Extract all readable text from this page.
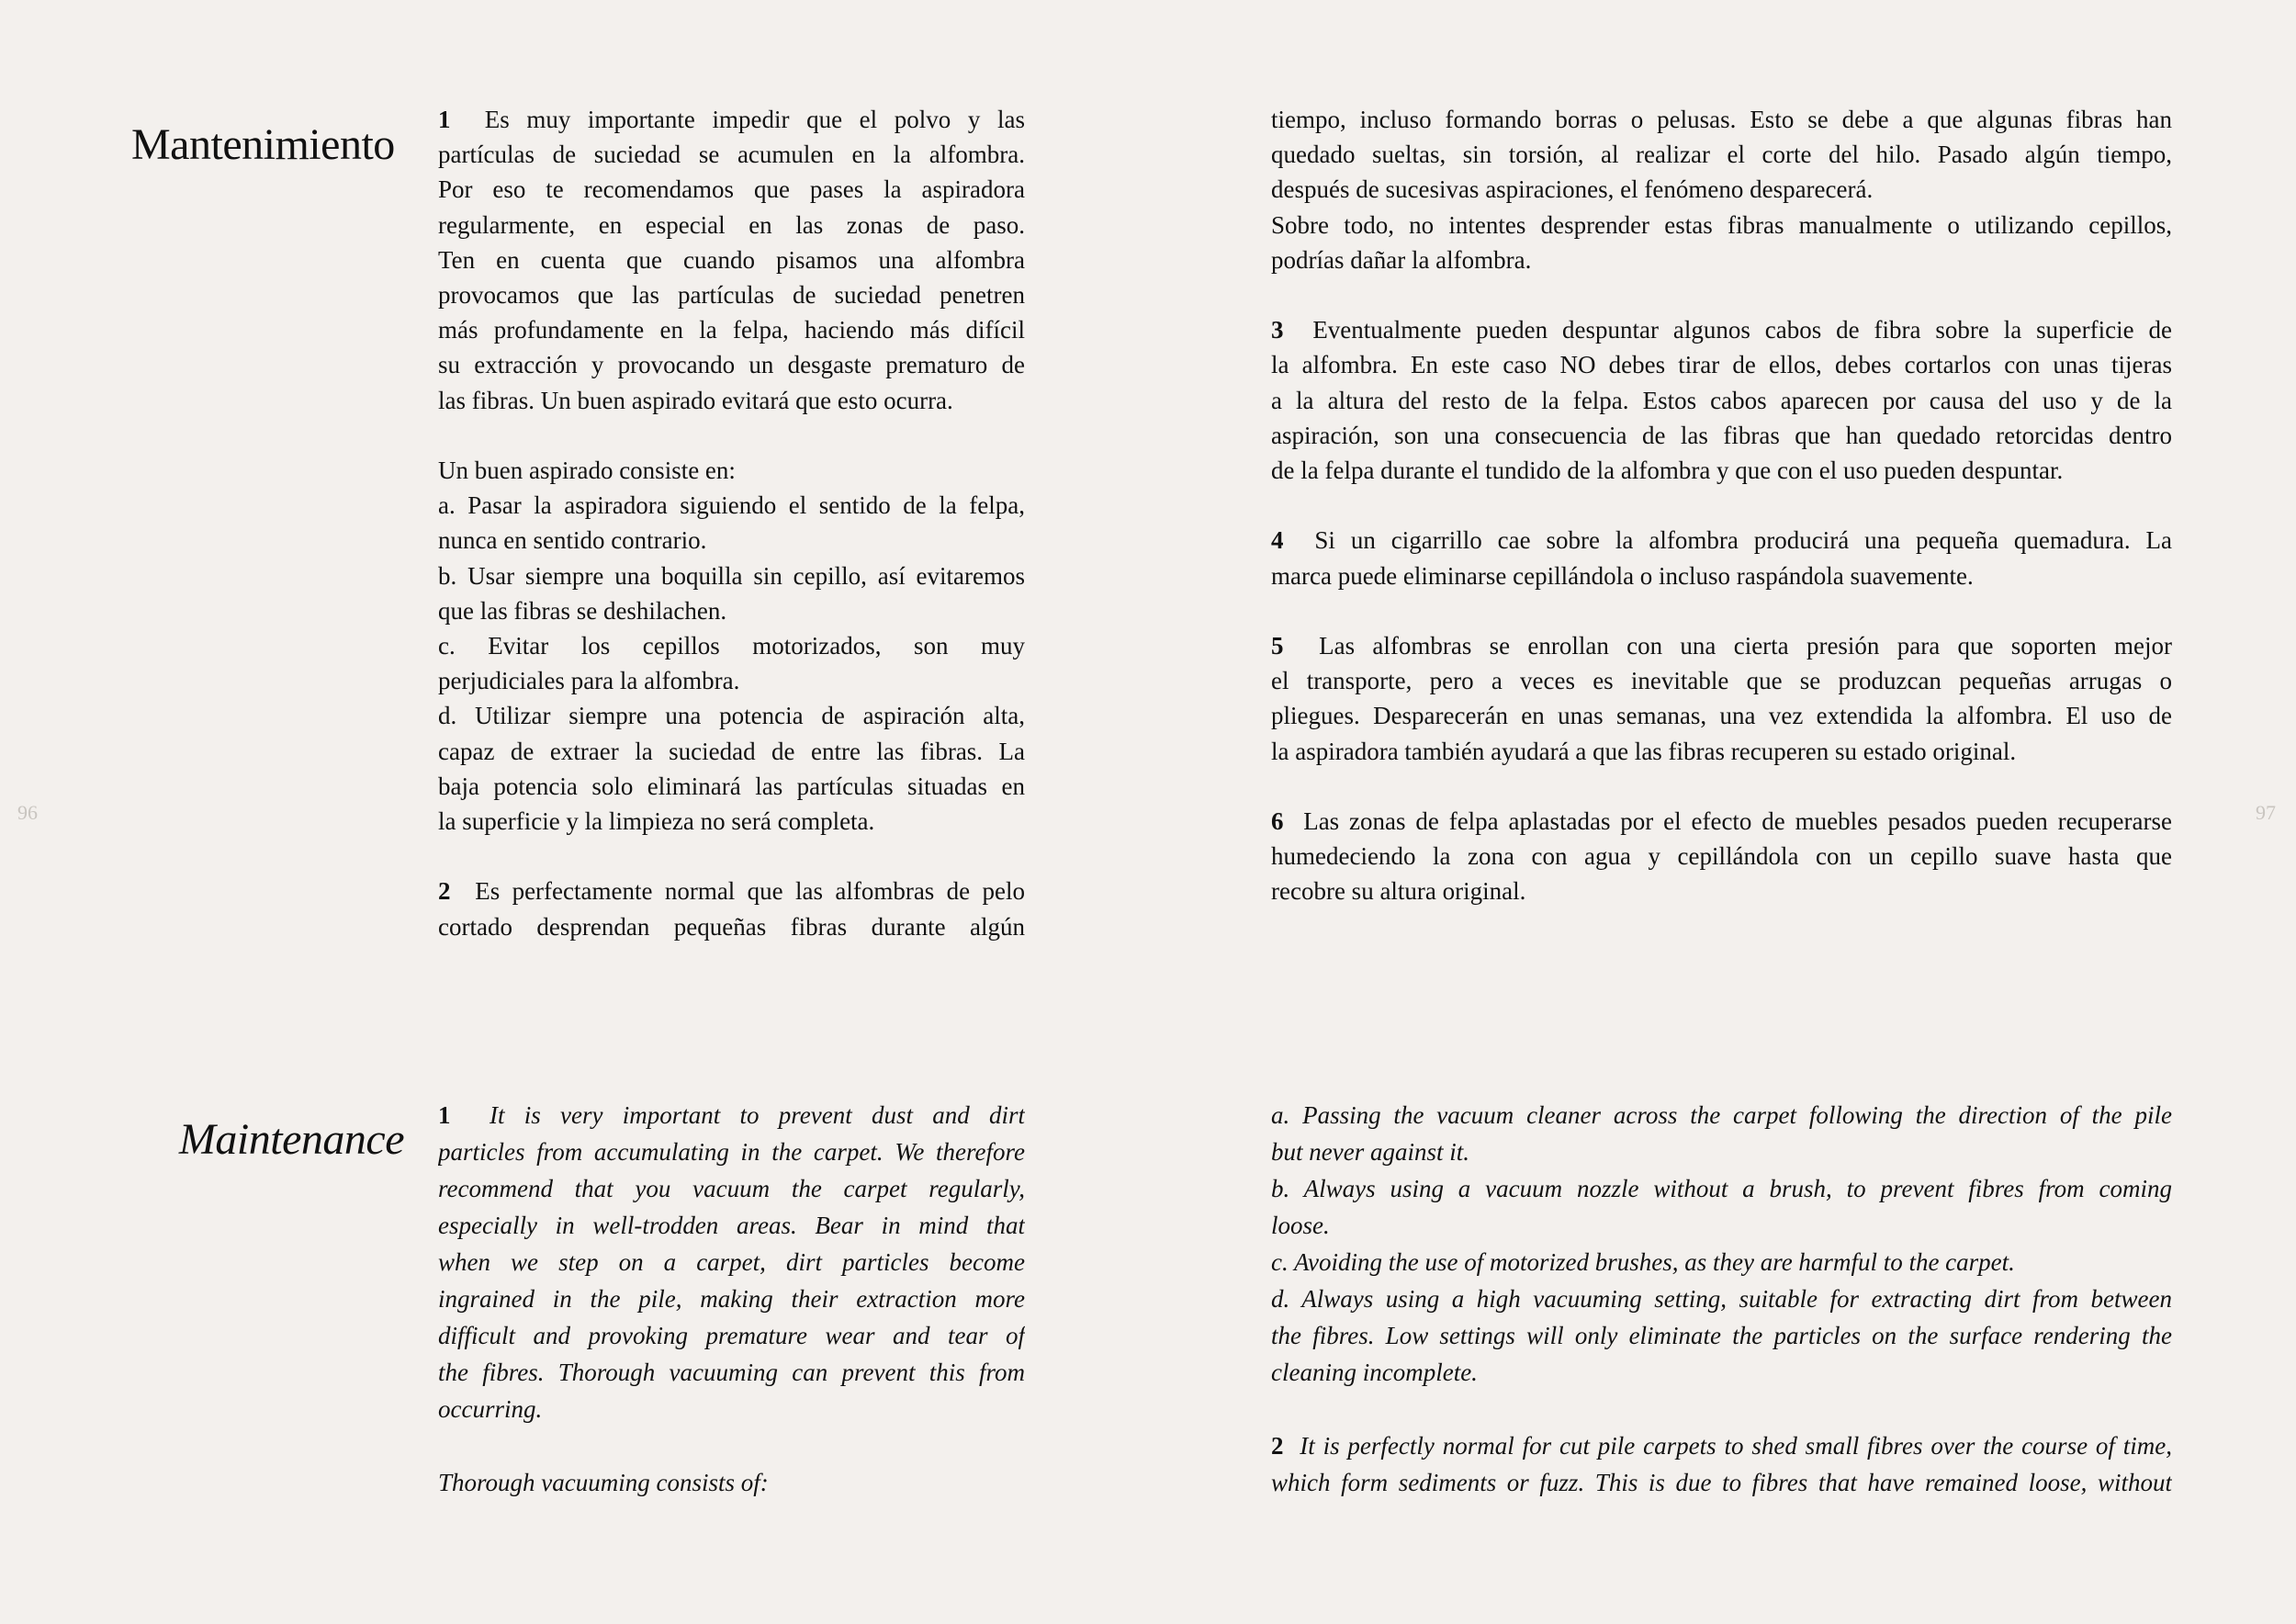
96	97
Mantenimiento
1 Es muy importante impedir que el polvo y las
partículas de suciedad se acumulen en la alfombra.
Por eso te recomendamos que pases la aspiradora
regularmente, en especial en las zonas de paso.
Ten en cuenta que cuando pisamos una alfombra
provocamos que las partículas de suciedad penetren
más profundamente en la felpa, haciendo más difícil
su extracción y provocando un desgaste prematuro de
las fibras. Un buen aspirado evitará que esto ocurra.
Un buen aspirado consiste en:
a. Pasar la aspiradora siguiendo el sentido de la felpa,
nunca en sentido contrario.
b. Usar siempre una boquilla sin cepillo, así evitaremos
que las fibras se deshilachen.
c. Evitar los cepillos motorizados, son muy
perjudiciales para la alfombra.
d. Utilizar siempre una potencia de aspiración alta,
capaz de extraer la suciedad de entre las fibras. La
baja potencia solo eliminará las partículas situadas en
la superficie y la limpieza no será completa.
2 Es perfectamente normal que las alfombras de pelo
cortado desprendan pequeñas fibras durante algún
tiempo, incluso formando borras o pelusas. Esto se debe a que algunas fibras han
quedado sueltas, sin torsión, al realizar el corte del hilo. Pasado algún tiempo,
después de sucesivas aspiraciones, el fenómeno desparecerá.
Sobre todo, no intentes desprender estas fibras manualmente o utilizando cepillos,
podrías dañar la alfombra.
3 Eventualmente pueden despuntar algunos cabos de fibra sobre la superficie de
la alfombra. En este caso NO debes tirar de ellos, debes cortarlos con unas tijeras
a la altura del resto de la felpa. Estos cabos aparecen por causa del uso y de la
aspiración, son una consecuencia de las fibras que han quedado retorcidas dentro
de la felpa durante el tundido de la alfombra y que con el uso pueden despuntar.
4 Si un cigarrillo cae sobre la alfombra producirá una pequeña quemadura. La
marca puede eliminarse cepillándola o incluso raspándola suavemente.
5 Las alfombras se enrollan con una cierta presión para que soporten mejor
el transporte, pero a veces es inevitable que se produzcan pequeñas arrugas o
pliegues. Desparecerán en unas semanas, una vez extendida la alfombra. El uso de
la aspiradora también ayudará a que las fibras recuperen su estado original.
6 Las zonas de felpa aplastadas por el efecto de muebles pesados pueden recuperarse
humedeciendo la zona con agua y cepillándola con un cepillo suave hasta que
recobre su altura original.
Maintenance
1 It is very important to prevent dust and dirt
particles from accumulating in the carpet. We therefore
recommend that you vacuum the carpet regularly,
especially in well-trodden areas. Bear in mind that
when we step on a carpet, dirt particles become
ingrained in the pile, making their extraction more
difficult and provoking premature wear and tear of
the fibres. Thorough vacuuming can prevent this from
occurring.
Thorough vacuuming consists of:
a. Passing the vacuum cleaner across the carpet following the direction of the pile
but never against it.
b. Always using a vacuum nozzle without a brush, to prevent fibres from coming
loose.
c. Avoiding the use of motorized brushes, as they are harmful to the carpet.
d. Always using a high vacuuming setting, suitable for extracting dirt from between
the fibres. Low settings will only eliminate the particles on the surface rendering the
cleaning incomplete.
2 It is perfectly normal for cut pile carpets to shed small fibres over the course of time,
which form sediments or fuzz. This is due to fibres that have remained loose, without
